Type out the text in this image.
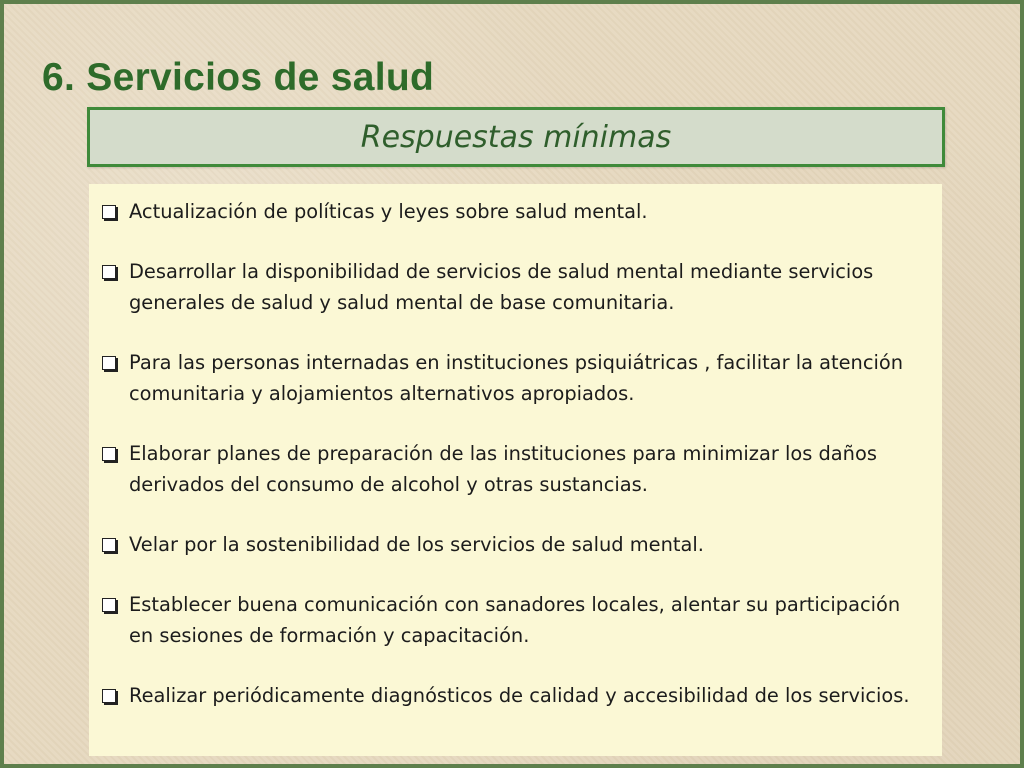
6. Servicios de salud
Respuestas mínimas
Actualización de políticas y leyes sobre salud mental.
Desarrollar la disponibilidad de servicios de salud mental mediante servicios generales de salud y salud mental de base comunitaria.
Para las personas internadas en instituciones psiquiátricas , facilitar la atención comunitaria y alojamientos alternativos apropiados.
Elaborar planes de preparación de las instituciones para minimizar los daños derivados del consumo de alcohol y otras sustancias.
Velar por la sostenibilidad de los servicios de salud mental.
Establecer buena comunicación con sanadores locales, alentar su participación en sesiones de formación y capacitación.
Realizar periódicamente diagnósticos de calidad y accesibilidad de los servicios.
